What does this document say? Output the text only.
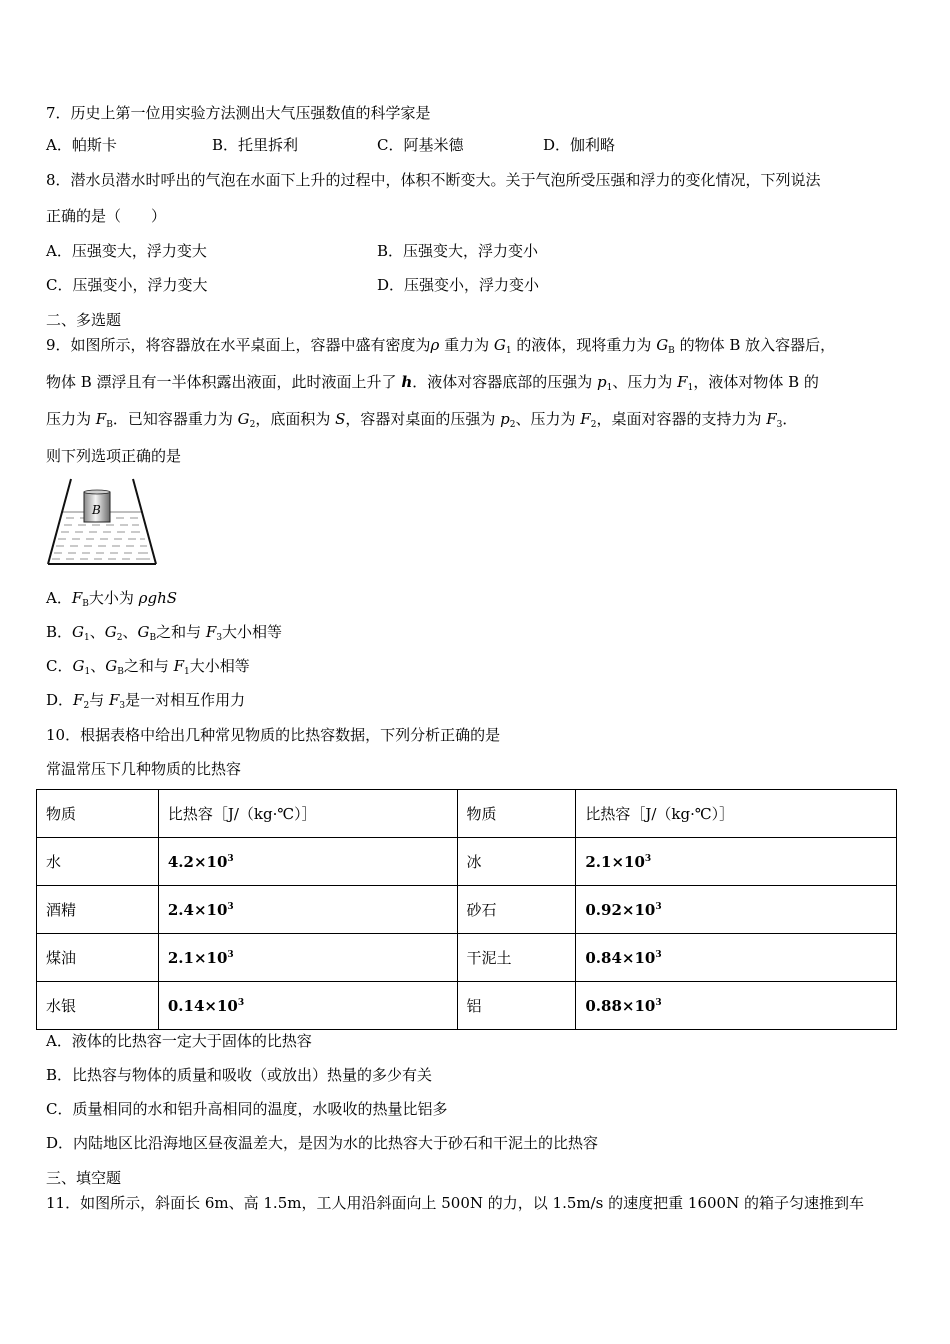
7．历史上第一位用实验方法测出大气压强数值的科学家是
A．帕斯卡	B．托里拆利	C．阿基米德	D．伽利略
8．潜水员潜水时呼出的气泡在水面下上升的过程中，体积不断变大。关于气泡所受压强和浮力的变化情况，下列说法
正确的是（　　）
A．压强变大，浮力变大	B．压强变大，浮力变小
C．压强变小，浮力变大	D．压强变小，浮力变小
二、多选题
9．如图所示，将容器放在水平桌面上，容器中盛有密度为ρ 重力为 $G_1$ 的液体，现将重力为 $G_B$ 的物体 B 放入容器后，
物体 B 漂浮且有一半体积露出液面，此时液面上升了 h．液体对容器底部的压强为 $p_1$、压力为 $F_1$，液体对物体 B 的
压力为 $F_B$．已知容器重力为 $G_2$，底面积为 S，容器对桌面的压强为 $p_2$、压力为 $F_2$，桌面对容器的支持力为 $F_3$．
则下列选项正确的是
B
A．$F_B$大小为 ρghS
B．$G_1$、$G_2$、$G_B$之和与 $F_3$大小相等
C．$G_1$、$G_B$之和与 $F_1$大小相等
D．$F_2$与 $F_3$是一对相互作用力
10．根据表格中给出几种常见物质的比热容数据，下列分析正确的是
常温常压下几种物质的比热容
物质	比热容［J/（kg·℃）］	物质	比热容［J/（kg·℃）］
水	$4.2\times 10^3$	冰	$2.1\times 10^3$
酒精	$2.4\times 10^3$	砂石	$0.92\times 10^3$
煤油	$2.1\times 10^3$	干泥土	$0.84\times 10^3$
水银	$0.14\times 10^3$	铝	$0.88\times 10^3$
A．液体的比热容一定大于固体的比热容
B．比热容与物体的质量和吸收（或放出）热量的多少有关
C．质量相同的水和铝升高相同的温度，水吸收的热量比铝多
D．内陆地区比沿海地区昼夜温差大，是因为水的比热容大于砂石和干泥土的比热容
三、填空题
11．如图所示，斜面长 6m、高 1.5m，工人用沿斜面向上 500N 的力，以 1.5m/s 的速度把重 1600N 的箱子匀速推到车
